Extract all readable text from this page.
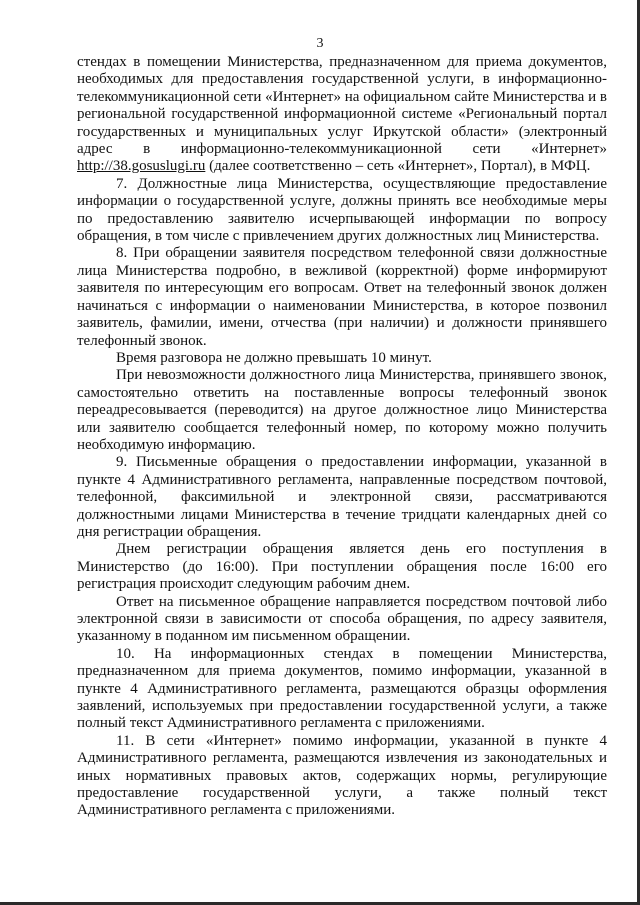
3

стендах в помещении Министерства, предназначенном для приема документов, необходимых для предоставления государственной услуги, в информационно-телекоммуникационной сети «Интернет» на официальном сайте Министерства и в региональной государственной информационной системе «Региональный портал государственных и муниципальных услуг Иркутской области» (электронный адрес в информационно-телекоммуникационной сети «Интернет» http://38.gosuslugi.ru (далее соответственно – сеть «Интернет», Портал), в МФЦ.

7. Должностные лица Министерства, осуществляющие предоставление информации о государственной услуге, должны принять все необходимые меры по предоставлению заявителю исчерпывающей информации по вопросу обращения, в том числе с привлечением других должностных лиц Министерства.

8. При обращении заявителя посредством телефонной связи должностные лица Министерства подробно, в вежливой (корректной) форме информируют заявителя по интересующим его вопросам. Ответ на телефонный звонок должен начинаться с информации о наименовании Министерства, в которое позвонил заявитель, фамилии, имени, отчества (при наличии) и должности принявшего телефонный звонок.

Время разговора не должно превышать 10 минут.

При невозможности должностного лица Министерства, принявшего звонок, самостоятельно ответить на поставленные вопросы телефонный звонок переадресовывается (переводится) на другое должностное лицо Министерства или заявителю сообщается телефонный номер, по которому можно получить необходимую информацию.

9. Письменные обращения о предоставлении информации, указанной в пункте 4 Административного регламента, направленные посредством почтовой, телефонной, факсимильной и электронной связи, рассматриваются должностными лицами Министерства в течение тридцати календарных дней со дня регистрации обращения.

Днем регистрации обращения является день его поступления в Министерство (до 16:00). При поступлении обращения после 16:00 его регистрация происходит следующим рабочим днем.

Ответ на письменное обращение направляется посредством почтовой либо электронной связи в зависимости от способа обращения, по адресу заявителя, указанному в поданном им письменном обращении.

10. На информационных стендах в помещении Министерства, предназначенном для приема документов, помимо информации, указанной в пункте 4 Административного регламента, размещаются образцы оформления заявлений, используемых при предоставлении государственной услуги, а также полный текст Административного регламента с приложениями.

11. В сети «Интернет» помимо информации, указанной в пункте 4 Административного регламента, размещаются извлечения из законодательных и иных нормативных правовых актов, содержащих нормы, регулирующие предоставление государственной услуги, а также полный текст Административного регламента с приложениями.
